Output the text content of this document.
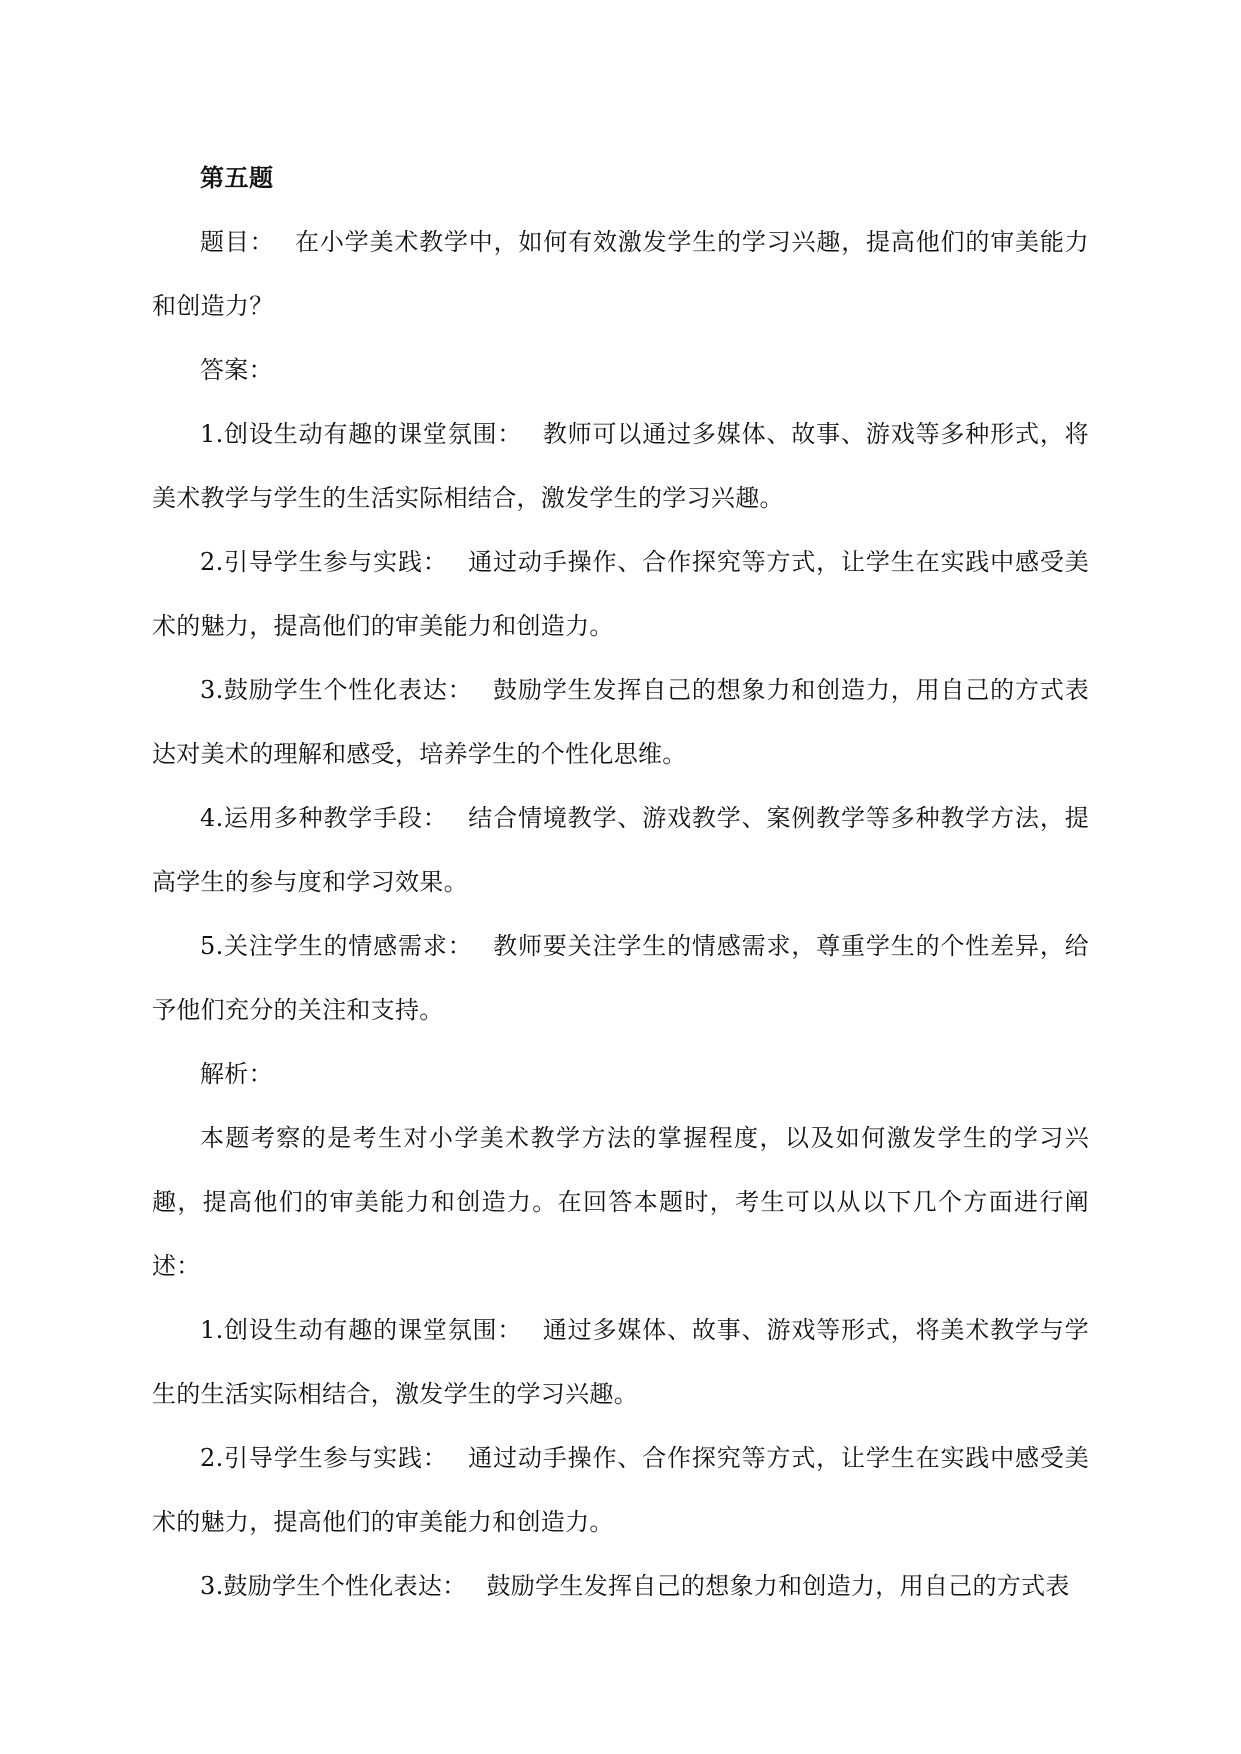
第五题

题目： 在小学美术教学中，如何有效激发学生的学习兴趣，提高他们的审美能力和创造力？

答案：

1.创设生动有趣的课堂氛围： 教师可以通过多媒体、故事、游戏等多种形式，将美术教学与学生的生活实际相结合，激发学生的学习兴趣。

2.引导学生参与实践： 通过动手操作、合作探究等方式，让学生在实践中感受美术的魅力，提高他们的审美能力和创造力。

3.鼓励学生个性化表达： 鼓励学生发挥自己的想象力和创造力，用自己的方式表达对美术的理解和感受，培养学生的个性化思维。

4.运用多种教学手段： 结合情境教学、游戏教学、案例教学等多种教学方法，提高学生的参与度和学习效果。

5.关注学生的情感需求： 教师要关注学生的情感需求，尊重学生的个性差异，给予他们充分的关注和支持。

解析：

本题考察的是考生对小学美术教学方法的掌握程度，以及如何激发学生的学习兴趣，提高他们的审美能力和创造力。在回答本题时，考生可以从以下几个方面进行阐述：

1.创设生动有趣的课堂氛围： 通过多媒体、故事、游戏等形式，将美术教学与学生的生活实际相结合，激发学生的学习兴趣。

2.引导学生参与实践： 通过动手操作、合作探究等方式，让学生在实践中感受美术的魅力，提高他们的审美能力和创造力。

3.鼓励学生个性化表达： 鼓励学生发挥自己的想象力和创造力，用自己的方式表
